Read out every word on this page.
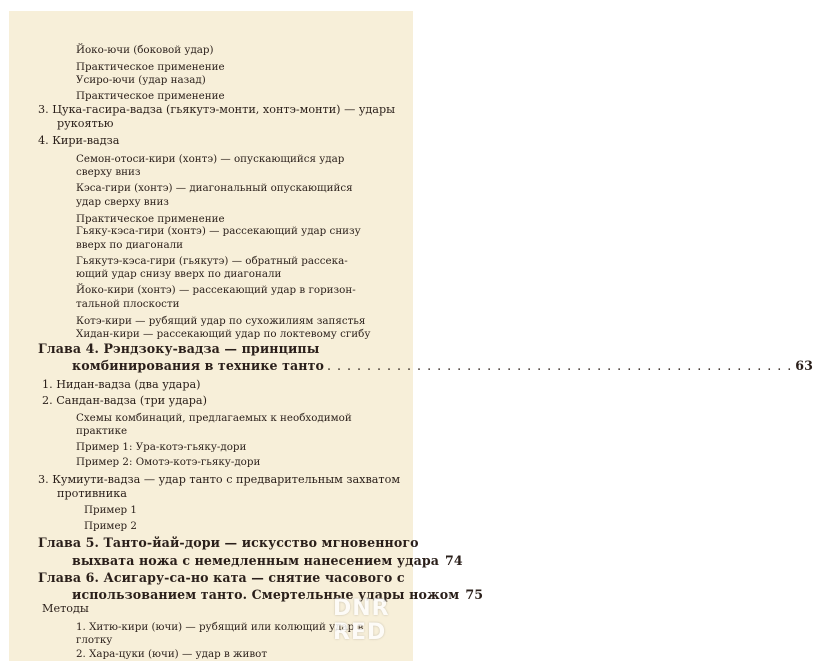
Йоко-ючи (боковой удар)
Практическое применение
Усиро-ючи (удар назад)
Практическое применение
3. Цука-гасира-вадза (гьякутэ-монти, хонтэ-монти) — удары
рукоятью
4. Кири-вадза
Семон-отоси-кири (хонтэ) — опускающийся удар
сверху вниз
Кэса-гири (хонтэ) — диагональный опускающийся
удар сверху вниз
Практическое применение
Гьяку-кэса-гири (хонтэ) — рассекающий удар снизу
вверх по диагонали
Гьякутэ-кэса-гири (гьякутэ) — обратный рассека-
ющий удар снизу вверх по диагонали
Йоко-кири (хонтэ) — рассекающий удар в горизон-
тальной плоскости
Котэ-кири — рубящий удар по сухожилиям запястья
Хидан-кири — рассекающий удар по локтевому сгибу
Глава 4. Рэндзоку-вадза — принципы
комбинирования в технике танто
. . .	63
1. Нидан-вадза (два удара)
2. Сандан-вадза (три удара)
Схемы комбинаций, предлагаемых к необходимой
практике
Пример 1: Ура-котэ-гьяку-дори
Пример 2: Омотэ-котэ-гьяку-дори
3. Кумиути-вадза — удар танто с предварительным захватом
противника
Пример 1
Пример 2
Глава 5. Танто-йай-дори — искусство мгновенного
выхвата ножа с немедленным нанесением удара 74
Глава 6. Асигару-са-но ката — снятие часового с
использованием танто. Смертельные удары ножом 75
Методы
1. Хитю-кири (ючи) — рубящий или колющий удар в
глотку
2. Хара-цуки (ючи) — удар в живот
DNR
RED
